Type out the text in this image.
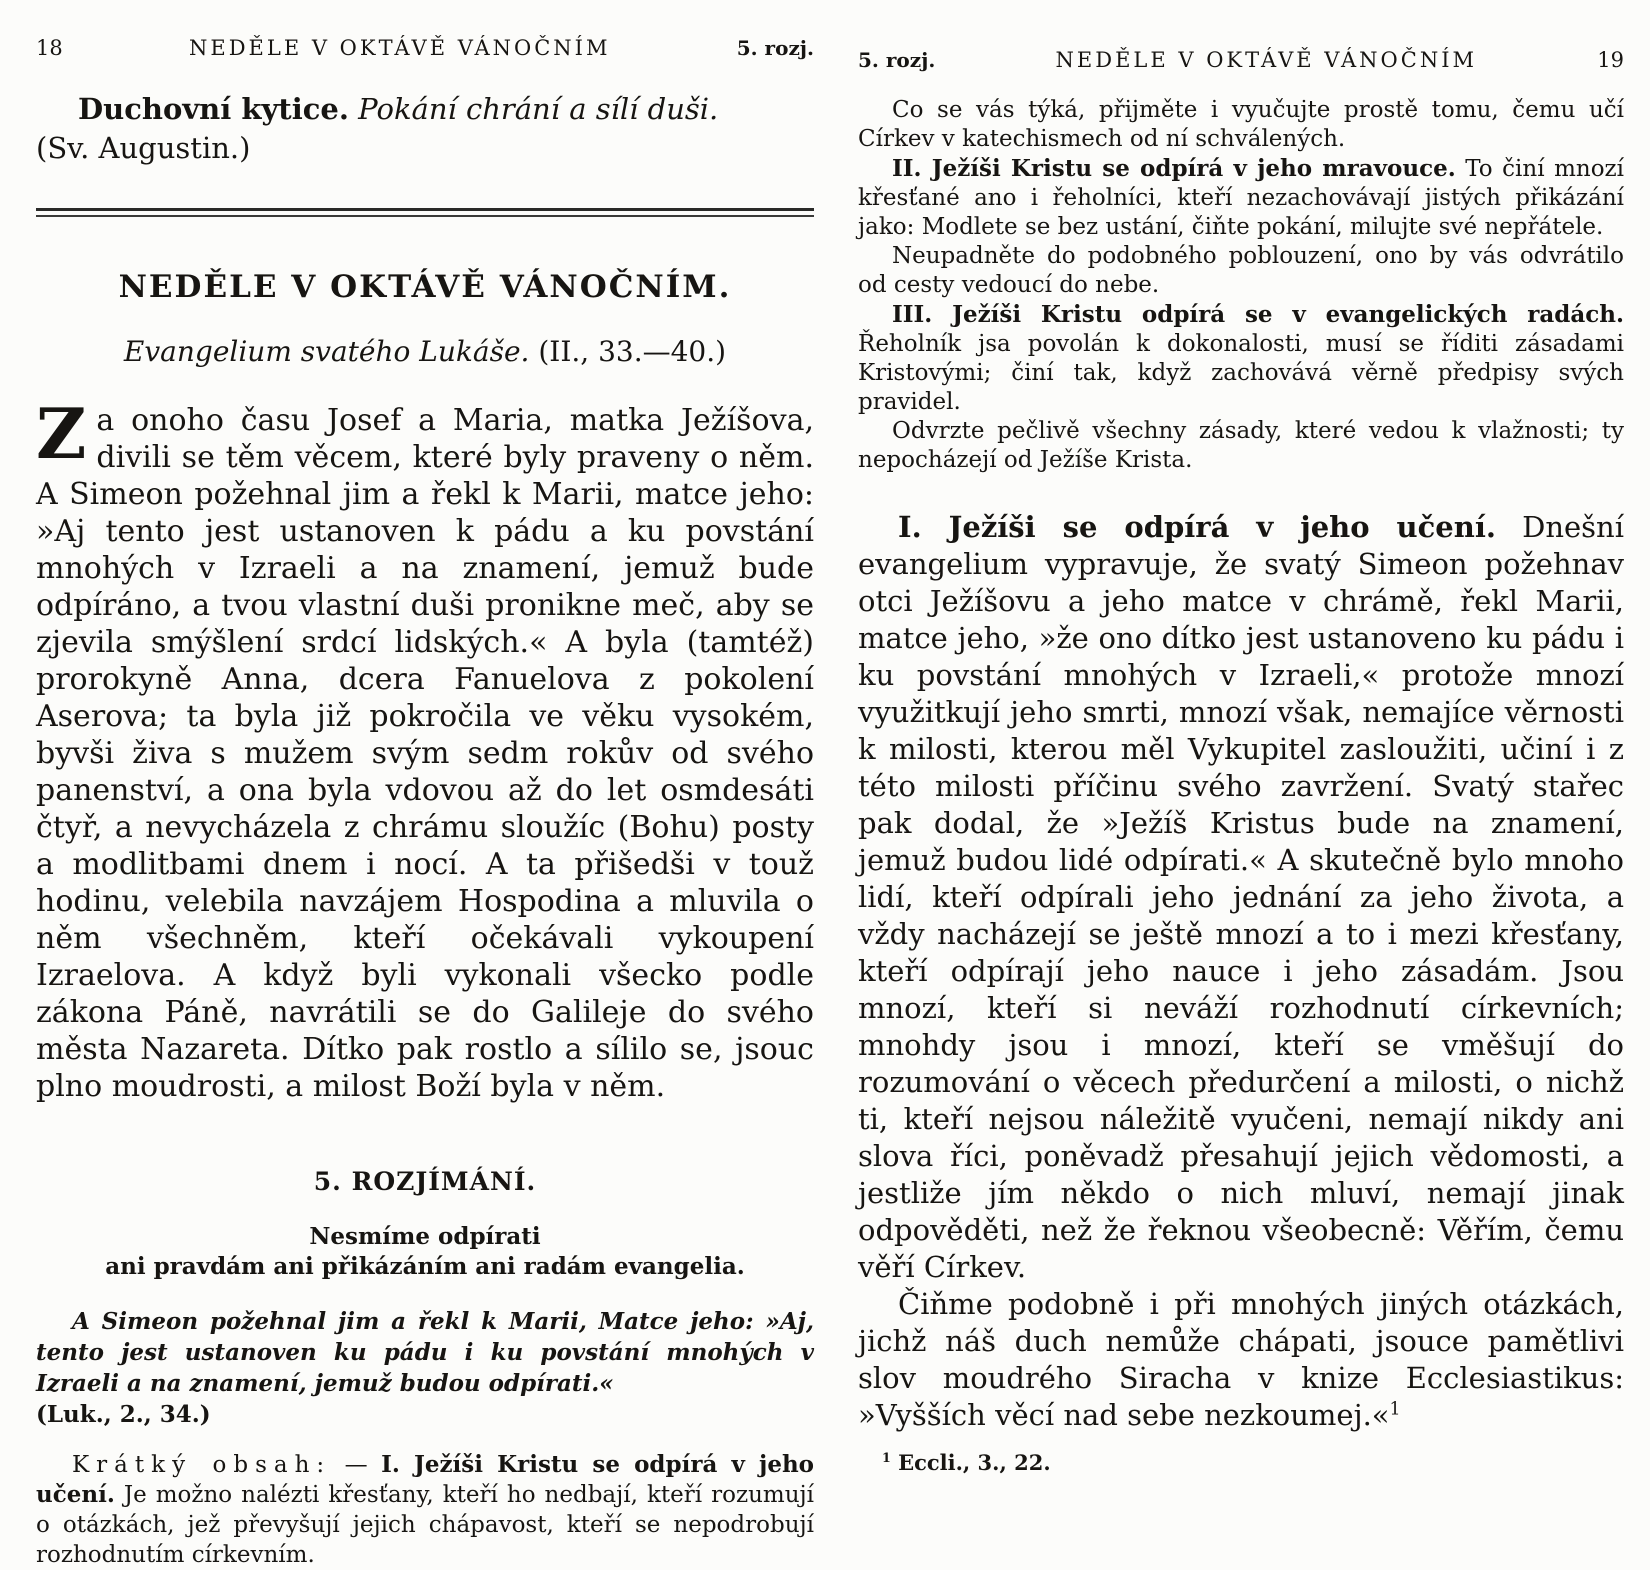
18	NEDĚLE V OKTÁVĚ VÁNOČNÍM	5. rozj.

Duchovní kytice. Pokání chrání a sílí duši.

(Sv. Augustin.)

NEDĚLE V OKTÁVĚ VÁNOČNÍM.

Evangelium svatého Lukáše. (II., 33.—40.)

Z a onoho času Josef a Maria, matka Ježíšova, divili se těm věcem, které byly praveny o něm. A Simeon požehnal jim a řekl k Marii, matce jeho: »Aj tento jest ustanoven k pádu a ku povstání mnohých v Izraeli a na znamení, jemuž bude odpíráno, a tvou vlastní duši pronikne meč, aby se zjevila smýšlení srdcí lidských.« A byla (tamtéž) prorokyně Anna, dcera Fanuelova z pokolení Aserova; ta byla již pokročila ve věku vysokém, byvši živa s mužem svým sedm rokův od svého panenství, a ona byla vdovou až do let osmdesáti čtyř, a nevycházela z chrámu sloužíc (Bohu) posty a modlitbami dnem i nocí. A ta přišedši v touž hodinu, velebila navzájem Hospodina a mluvila o něm všechněm, kteří očekávali vykoupení Izraelova. A když byli vykonali všecko podle zákona Páně, navrátili se do Galileje do svého města Nazareta. Dítko pak rostlo a sílilo se, jsouc plno moudrosti, a milost Boží byla v něm.

5. ROZJÍMÁNÍ.

Nesmíme odpírati

ani pravdám ani přikázáním ani radám evangelia.

A Simeon požehnal jim a řekl k Marii, Matce jeho: »Aj, tento jest ustanoven ku pádu i ku povstání mnohých v Izraeli a na znamení, jemuž budou odpírati.«

(Luk., 2., 34.)

Krátký obsah: — I. Ježíši Kristu se odpírá v jeho učení. Je možno nalézti křesťany, kteří ho nedbají, kteří rozumují o otázkách, jež převyšují jejich chápavost, kteří se nepodrobují rozhodnutím církevním.

5. rozj.	NEDĚLE V OKTÁVĚ VÁNOČNÍM	19

Co se vás týká, přijměte i vyučujte prostě tomu, čemu učí Církev v katechismech od ní schválených.

II. Ježíši Kristu se odpírá v jeho mravouce. To činí mnozí křesťané ano i řeholníci, kteří nezachovávají jistých přikázání jako: Modlete se bez ustání, čiňte pokání, milujte své nepřátele.

Neupadněte do podobného poblouzení, ono by vás odvrátilo od cesty vedoucí do nebe.

III. Ježíši Kristu odpírá se v evangelických radách. Řeholník jsa povolán k dokonalosti, musí se říditi zásadami Kristovými; činí tak, když zachovává věrně předpisy svých pravidel.

Odvrzte pečlivě všechny zásady, které vedou k vlažnosti; ty nepocházejí od Ježíše Krista.

I. Ježíši se odpírá v jeho učení. Dnešní evangelium vypravuje, že svatý Simeon požehnav otci Ježíšovu a jeho matce v chrámě, řekl Marii, matce jeho, »že ono dítko jest ustanoveno ku pádu i ku povstání mnohých v Izraeli,« protože mnozí využitkují jeho smrti, mnozí však, nemajíce věrnosti k milosti, kterou měl Vykupitel zasloužiti, učiní i z této milosti příčinu svého zavržení. Svatý stařec pak dodal, že »Ježíš Kristus bude na znamení, jemuž budou lidé odpírati.« A skutečně bylo mnoho lidí, kteří odpírali jeho jednání za jeho života, a vždy nacházejí se ještě mnozí a to i mezi křesťany, kteří odpírají jeho nauce i jeho zásadám. Jsou mnozí, kteří si neváží rozhodnutí církevních; mnohdy jsou i mnozí, kteří se vměšují do rozumování o věcech předurčení a milosti, o nichž ti, kteří nejsou náležitě vyučeni, nemají nikdy ani slova říci, poněvadž přesahují jejich vědomosti, a jestliže jím někdo o nich mluví, nemají jinak odpověděti, než že řeknou všeobecně: Věřím, čemu věří Církev.

Čiňme podobně i při mnohých jiných otázkách, jichž náš duch nemůže chápati, jsouce pamětlivi slov moudrého Siracha v knize Ecclesiastikus: »Vyšších věcí nad sebe nezkoumej.«$^1$

$^1$ Eccli., 3., 22.
